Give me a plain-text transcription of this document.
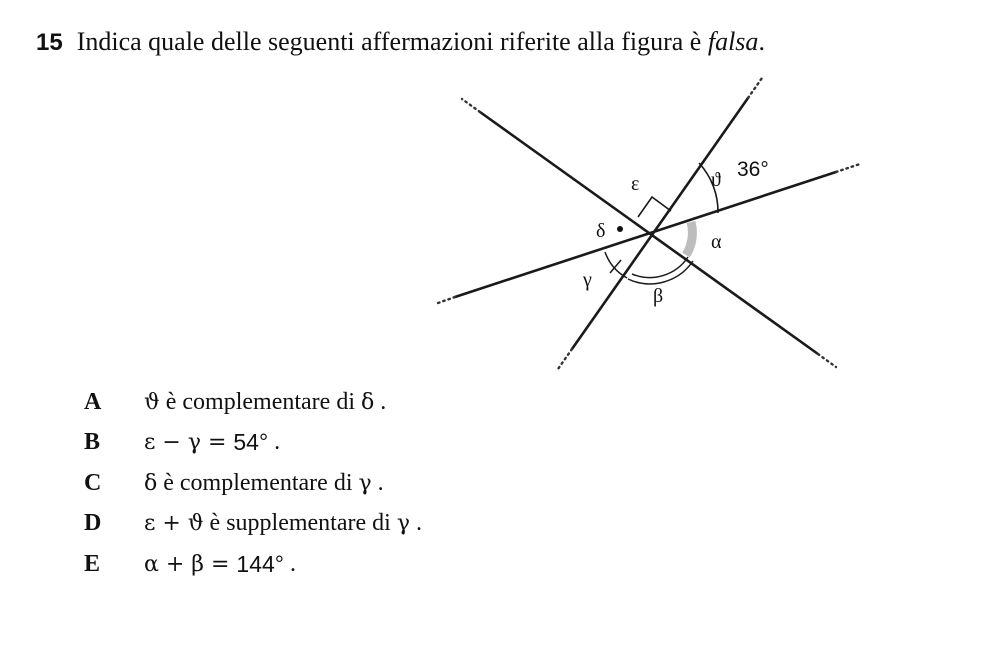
15 Indica quale delle seguenti affermazioni riferite alla figura è falsa.
ε	ϑ 36°
δ	α
γ
β
A	ϑ è complementare di δ .
B	ε − γ = 54° .
C	δ è complementare di γ .
D	ε + ϑ è supplementare di γ .
E	α + β = 144° .
